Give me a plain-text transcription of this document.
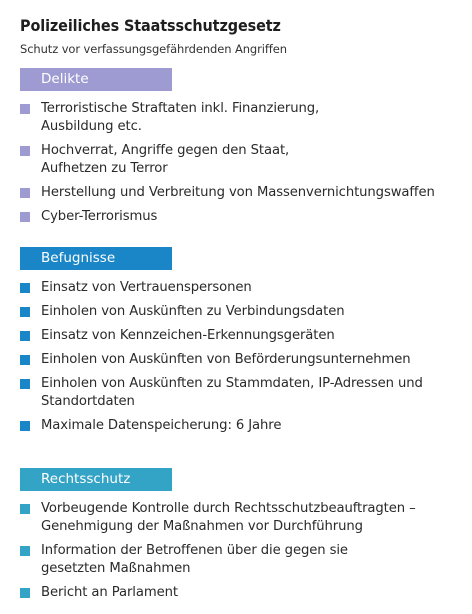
Polizeiliches Staatsschutzgesetz
Schutz vor verfassungsgefährdenden Angriffen
Delikte
Terroristische Straftaten inkl. Finanzierung,
Ausbildung etc.
Hochverrat, Angriffe gegen den Staat,
Aufhetzen zu Terror
Herstellung und Verbreitung von Massenvernichtungswaffen
Cyber-Terrorismus
Befugnisse
Einsatz von Vertrauenspersonen
Einholen von Auskünften zu Verbindungsdaten
Einsatz von Kennzeichen-Erkennungsgeräten
Einholen von Auskünften von Beförderungsunternehmen
Einholen von Auskünften zu Stammdaten, IP-Adressen und
Standortdaten
Maximale Datenspeicherung: 6 Jahre
Rechtsschutz
Vorbeugende Kontrolle durch Rechtsschutzbeauftragten –
Genehmigung der Maßnahmen vor Durchführung
Information der Betroffenen über die gegen sie
gesetzten Maßnahmen
Bericht an Parlament
